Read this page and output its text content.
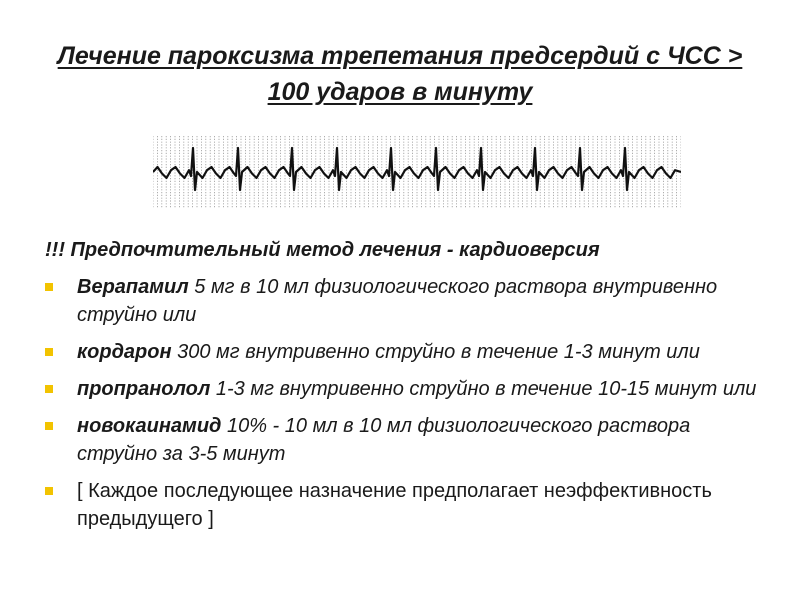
Лечение пароксизма трепетания предсердий с ЧСС > 100 ударов в минуту
!!! Предпочтительный метод лечения - кардиоверсия
Верапамил 5 мг в 10 мл физиологического раствора внутривенно струйно или
кордарон 300 мг внутривенно струйно в течение 1-3 минут или
пропранолол 1-3 мг внутривенно струйно в течение 10-15 минут или
новокаинамид 10% - 10 мл в 10 мл физиологического раствора струйно за 3-5 минут
[ Каждое последующее назначение предполагает неэффективность предыдущего ]
